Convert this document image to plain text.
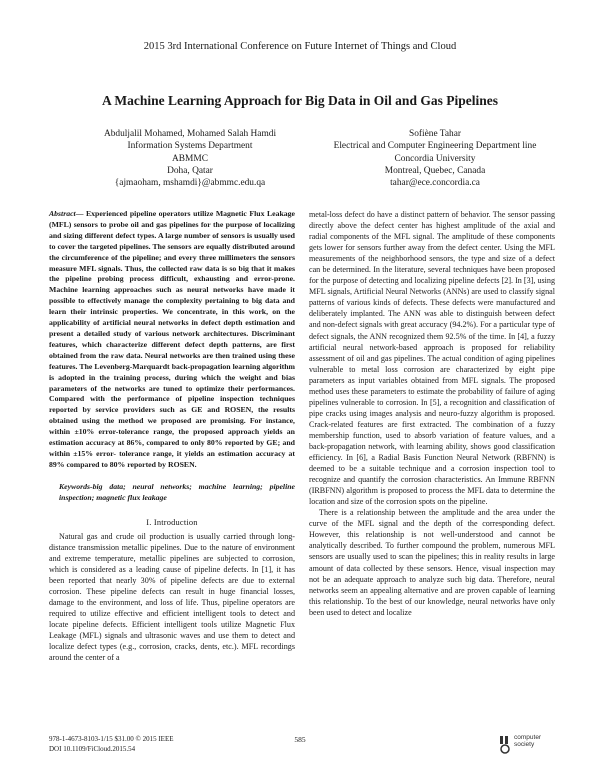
2015 3rd International Conference on Future Internet of Things and Cloud
A Machine Learning Approach for Big Data in Oil and Gas Pipelines
Abduljalil Mohamed, Mohamed Salah Hamdi
Information Systems Department
ABMMC
Doha, Qatar
{ajmaoham, mshamdi}@abmmc.edu.qa
Sofiène Tahar
Electrical and Computer Engineering Department line
Concordia University
Montreal, Quebec, Canada
tahar@ece.concordia.ca
Abstract— Experienced pipeline operators utilize Magnetic Flux Leakage (MFL) sensors to probe oil and gas pipelines for the purpose of localizing and sizing different defect types. A large number of sensors is usually used to cover the targeted pipelines. The sensors are equally distributed around the circumference of the pipeline; and every three millimeters the sensors measure MFL signals. Thus, the collected raw data is so big that it makes the pipeline probing process difficult, exhausting and error-prone. Machine learning approaches such as neural networks have made it possible to effectively manage the complexity pertaining to big data and learn their intrinsic properties. We concentrate, in this work, on the applicability of artificial neural networks in defect depth estimation and present a detailed study of various network architectures. Discriminant features, which characterize different defect depth patterns, are first obtained from the raw data. Neural networks are then trained using these features. The Levenberg-Marquardt back-propagation learning algorithm is adopted in the training process, during which the weight and bias parameters of the networks are tuned to optimize their performances. Compared with the performance of pipeline inspection techniques reported by service providers such as GE and ROSEN, the results obtained using the method we proposed are promising. For instance, within ±10% error-tolerance range, the proposed approach yields an estimation accuracy at 86%, compared to only 80% reported by GE; and within ±15% error- tolerance range, it yields an estimation accuracy at 89% compared to 80% reported by ROSEN.
Keywords-big data; neural networks; machine learning; pipeline inspection; magnetic flux leakage
I. Introduction

Natural gas and crude oil production is usually carried through long-distance transmission metallic pipelines. Due to the nature of environment and extreme temperature, metallic pipelines are subjected to corrosion, which is considered as a leading cause of pipeline defects. In [1], it has been reported that nearly 30% of pipeline defects are due to external corrosion. These pipeline defects can result in huge financial losses, damage to the environment, and loss of life. Thus, pipeline operators are required to utilize effective and efficient intelligent tools to detect and locate pipeline defects. Efficient intelligent tools utilize Magnetic Flux Leakage (MFL) signals and ultrasonic waves and use them to detect and localize defect types (e.g., corrosion, cracks, dents, etc.). MFL recordings around the center of a

metal-loss defect do have a distinct pattern of behavior. The sensor passing directly above the defect center has highest amplitude of the axial and radial components of the MFL signal. The amplitude of these components gets lower for sensors further away from the defect center. Using the MFL measurements of the neighborhood sensors, the type and size of a defect can be determined. In the literature, several techniques have been proposed for the purpose of detecting and localizing pipeline defects [2]. In [3], using MFL signals, Artificial Neural Networks (ANNs) are used to classify signal patterns of various kinds of defects. These defects were manufactured and deliberately implanted. The ANN was able to distinguish between defect and non-defect signals with great accuracy (94.2%). For a particular type of defect signals, the ANN recognized them 92.5% of the time. In [4], a fuzzy artificial neural network-based approach is proposed for reliability assessment of oil and gas pipelines. The actual condition of aging pipelines vulnerable to metal loss corrosion are characterized by eight pipe parameters as input variables obtained from MFL signals. The proposed method uses these parameters to estimate the probability of failure of aging pipelines vulnerable to corrosion. In [5], a recognition and classification of pipe cracks using images analysis and neuro-fuzzy algorithm is proposed. Crack-related features are first extracted. The combination of a fuzzy membership function, used to absorb variation of feature values, and a back-propagation network, with learning ability, shows good classification efficiency. In [6], a Radial Basis Function Neural Network (RBFNN) is deemed to be a suitable technique and a corrosion inspection tool to recognize and quantify the corrosion characteristics. An Immune RBFNN (IRBFNN) algorithm is proposed to process the MFL data to determine the location and size of the corrosion spots on the pipeline.

There is a relationship between the amplitude and the area under the curve of the MFL signal and the depth of the corresponding defect. However, this relationship is not well-understood and cannot be analytically described. To further compound the problem, numerous MFL sensors are usually used to scan the pipelines; this in reality results in large amount of data collected by these sensors. Hence, visual inspection may not be an adequate approach to analyze such big data. Therefore, neural networks seem an appealing alternative and are proven capable of learning this relationship. To the best of our knowledge, neural networks have only been used to detect and localize

978-1-4673-8103-1/15 $31.00 © 2015 IEEE
DOI 10.1109/FiCloud.2015.54
585	computer
society
